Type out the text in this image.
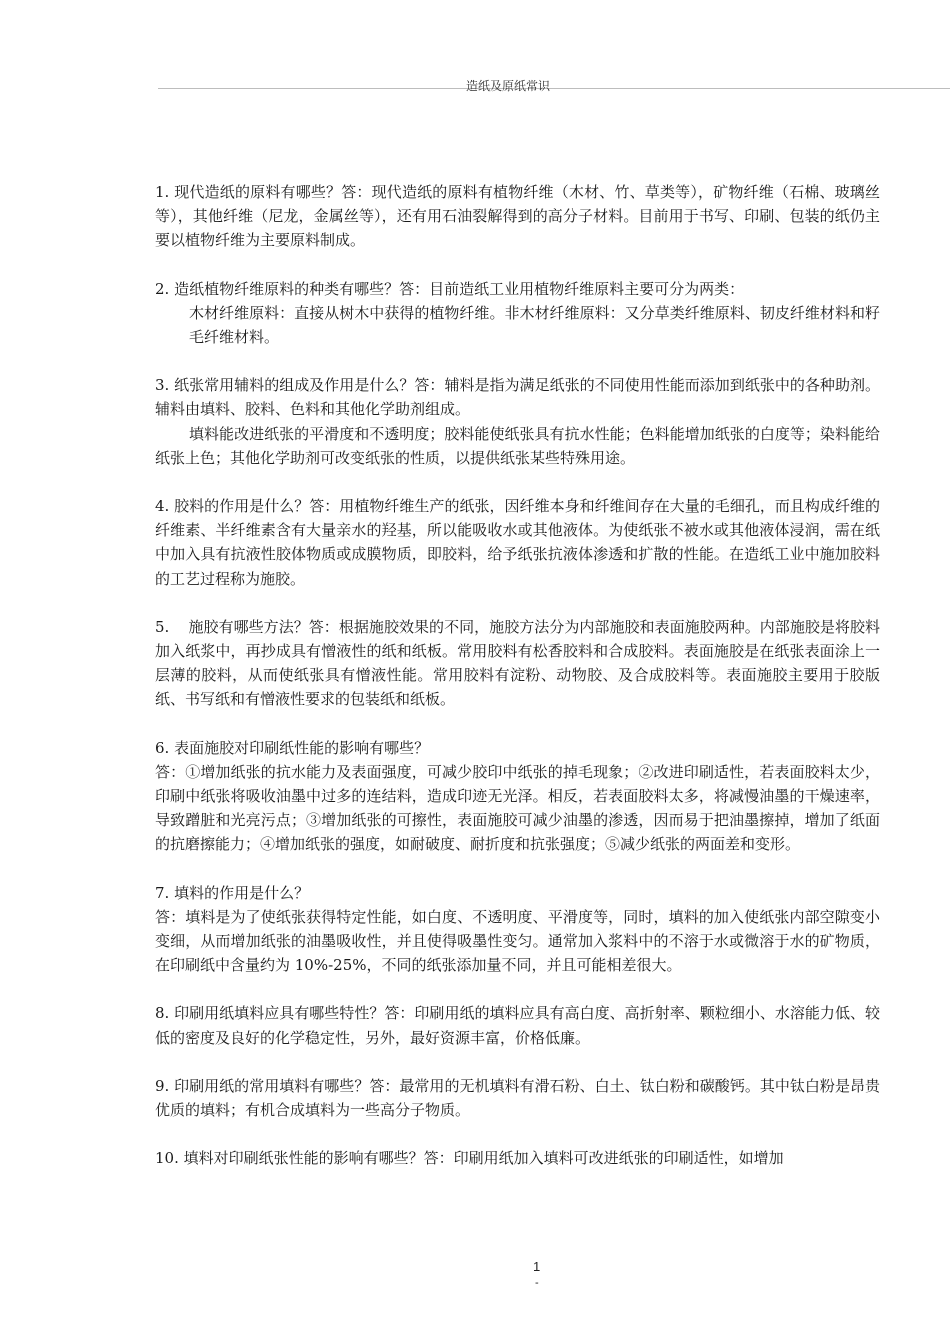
造纸及原纸常识

1. 现代造纸的原料有哪些？答：现代造纸的原料有植物纤维（木材、竹、草类等），矿物纤维（石棉、玻璃丝等），其他纤维（尼龙，金属丝等），还有用石油裂解得到的高分子材料。目前用于书写、印刷、包装的纸仍主要以植物纤维为主要原料制成。

2. 造纸植物纤维原料的种类有哪些？答：目前造纸工业用植物纤维原料主要可分为两类：

木材纤维原料：直接从树木中获得的植物纤维。非木材纤维原料：又分草类纤维原料、韧皮纤维材料和籽毛纤维材料。

3. 纸张常用辅料的组成及作用是什么？答：辅料是指为满足纸张的不同使用性能而添加到纸张中的各种助剂。辅料由填料、胶料、色料和其他化学助剂组成。

填料能改进纸张的平滑度和不透明度；胶料能使纸张具有抗水性能；色料能增加纸张的白度等；染料能给纸张上色；其他化学助剂可改变纸张的性质，以提供纸张某些特殊用途。

4. 胶料的作用是什么？答：用植物纤维生产的纸张，因纤维本身和纤维间存在大量的毛细孔，而且构成纤维的纤维素、半纤维素含有大量亲水的羟基，所以能吸收水或其他液体。为使纸张不被水或其他液体浸润，需在纸中加入具有抗液性胶体物质或成膜物质，即胶料，给予纸张抗液体渗透和扩散的性能。在造纸工业中施加胶料的工艺过程称为施胶。

5.    施胶有哪些方法？答：根据施胶效果的不同，施胶方法分为内部施胶和表面施胶两种。内部施胶是将胶料加入纸浆中，再抄成具有憎液性的纸和纸板。常用胶料有松香胶料和合成胶料。表面施胶是在纸张表面涂上一层薄的胶料，从而使纸张具有憎液性能。常用胶料有淀粉、动物胶、及合成胶料等。表面施胶主要用于胶版纸、书写纸和有憎液性要求的包装纸和纸板。

6. 表面施胶对印刷纸性能的影响有哪些？

答：①增加纸张的抗水能力及表面强度，可减少胶印中纸张的掉毛现象；②改进印刷适性，若表面胶料太少，印刷中纸张将吸收油墨中过多的连结料，造成印迹无光泽。相反，若表面胶料太多，将减慢油墨的干燥速率，导致蹭脏和光亮污点；③增加纸张的可擦性，表面施胶可减少油墨的渗透，因而易于把油墨擦掉，增加了纸面的抗磨擦能力；④增加纸张的强度，如耐破度、耐折度和抗张强度；⑤减少纸张的两面差和变形。

7. 填料的作用是什么？

答：填料是为了使纸张获得特定性能，如白度、不透明度、平滑度等，同时，填料的加入使纸张内部空隙变小变细，从而增加纸张的油墨吸收性，并且使得吸墨性变匀。通常加入浆料中的不溶于水或微溶于水的矿物质，在印刷纸中含量约为 10%-25%，不同的纸张添加量不同，并且可能相差很大。

8. 印刷用纸填料应具有哪些特性？答：印刷用纸的填料应具有高白度、高折射率、颗粒细小、水溶能力低、较低的密度及良好的化学稳定性，另外，最好资源丰富，价格低廉。

9. 印刷用纸的常用填料有哪些？答：最常用的无机填料有滑石粉、白土、钛白粉和碳酸钙。其中钛白粉是昂贵优质的填料；有机合成填料为一些高分子物质。

10. 填料对印刷纸张性能的影响有哪些？答：印刷用纸加入填料可改进纸张的印刷适性，如增加

1
-
